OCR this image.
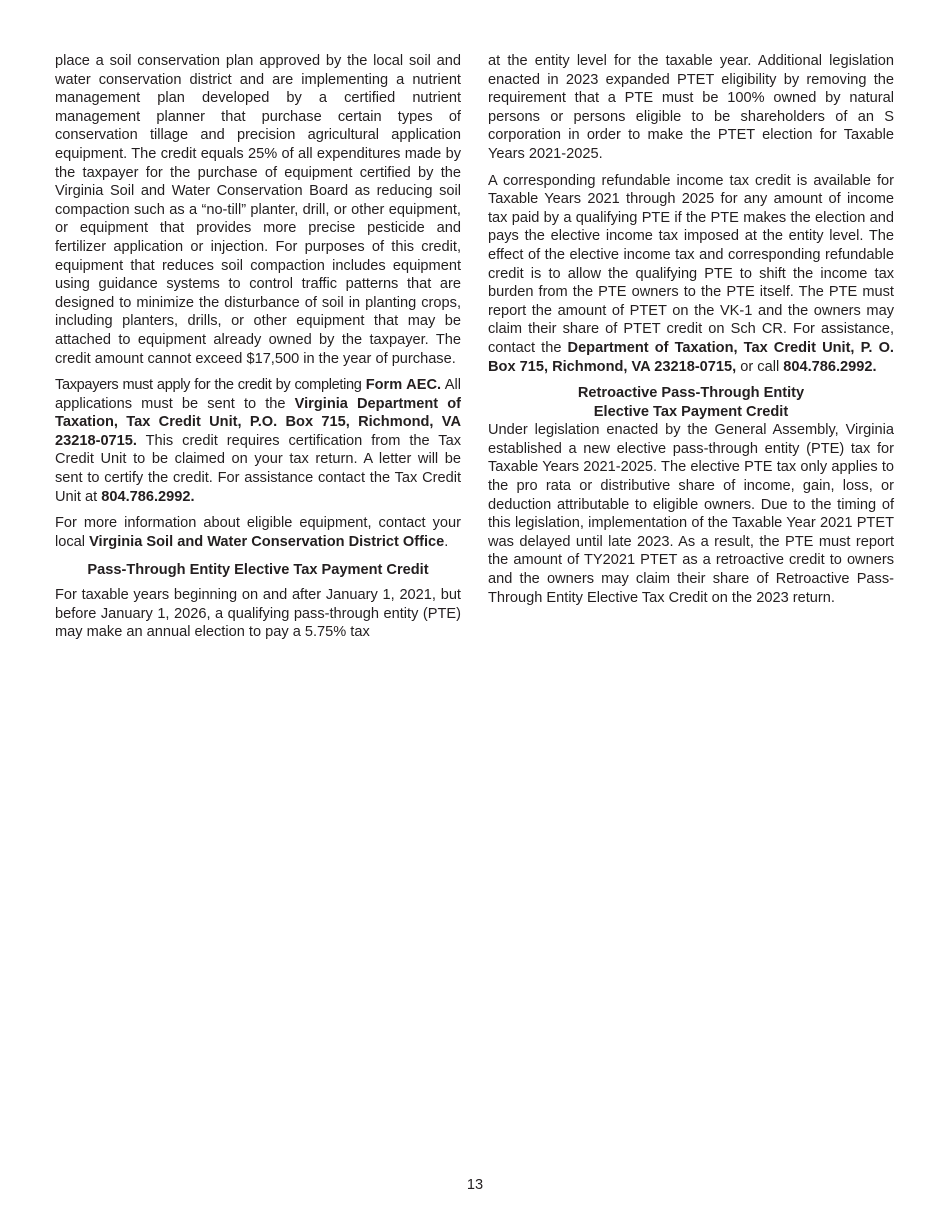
place a soil conservation plan approved by the local soil and water conservation district and are implementing a nutrient management plan developed by a certified nutrient management planner that purchase certain types of conservation tillage and precision agricultural application equipment. The credit equals 25% of all expenditures made by the taxpayer for the purchase of equipment certified by the Virginia Soil and Water Conservation Board as reducing soil compaction such as a “no-till” planter, drill, or other equipment, or equipment that provides more precise pesticide and fertilizer application or injection. For purposes of this credit, equipment that reduces soil compaction includes equipment using guidance systems to control traffic patterns that are designed to minimize the disturbance of soil in planting crops, including planters, drills, or other equipment that may be attached to equipment already owned by the taxpayer. The credit amount cannot exceed $17,500 in the year of purchase.

Taxpayers must apply for the credit by completing Form AEC. All applications must be sent to the Virginia Department of Taxation, Tax Credit Unit, P.O. Box 715, Richmond, VA 23218-0715. This credit requires certification from the Tax Credit Unit to be claimed on your tax return. A letter will be sent to certify the credit. For assistance contact the Tax Credit Unit at 804.786.2992.

For more information about eligible equipment, contact your local Virginia Soil and Water Conservation District Office.

Pass-Through Entity Elective Tax Payment Credit

For taxable years beginning on and after January 1, 2021, but before January 1, 2026, a qualifying pass-through entity (PTE) may make an annual election to pay a 5.75% tax

at the entity level for the taxable year. Additional legislation enacted in 2023 expanded PTET eligibility by removing the requirement that a PTE must be 100% owned by natural persons or persons eligible to be shareholders of an S corporation in order to make the PTET election for Taxable Years 2021-2025.

A corresponding refundable income tax credit is available for Taxable Years 2021 through 2025 for any amount of income tax paid by a qualifying PTE if the PTE makes the election and pays the elective income tax imposed at the entity level. The effect of the elective income tax and corresponding refundable credit is to allow the qualifying PTE to shift the income tax burden from the PTE owners to the PTE itself. The PTE must report the amount of PTET on the VK-1 and the owners may claim their share of PTET credit on Sch CR. For assistance, contact the Department of Taxation, Tax Credit Unit, P. O. Box 715, Richmond, VA 23218-0715, or call 804.786.2992.

Retroactive Pass-Through Entity
Elective Tax Payment Credit

Under legislation enacted by the General Assembly, Virginia established a new elective pass-through entity (PTE) tax for Taxable Years 2021-2025. The elective PTE tax only applies to the pro rata or distributive share of income, gain, loss, or deduction attributable to eligible owners. Due to the timing of this legislation, implementation of the Taxable Year 2021 PTET was delayed until late 2023. As a result, the PTE must report the amount of TY2021 PTET as a retroactive credit to owners and the owners may claim their share of Retroactive Pass-Through Entity Elective Tax Credit on the 2023 return.

13
